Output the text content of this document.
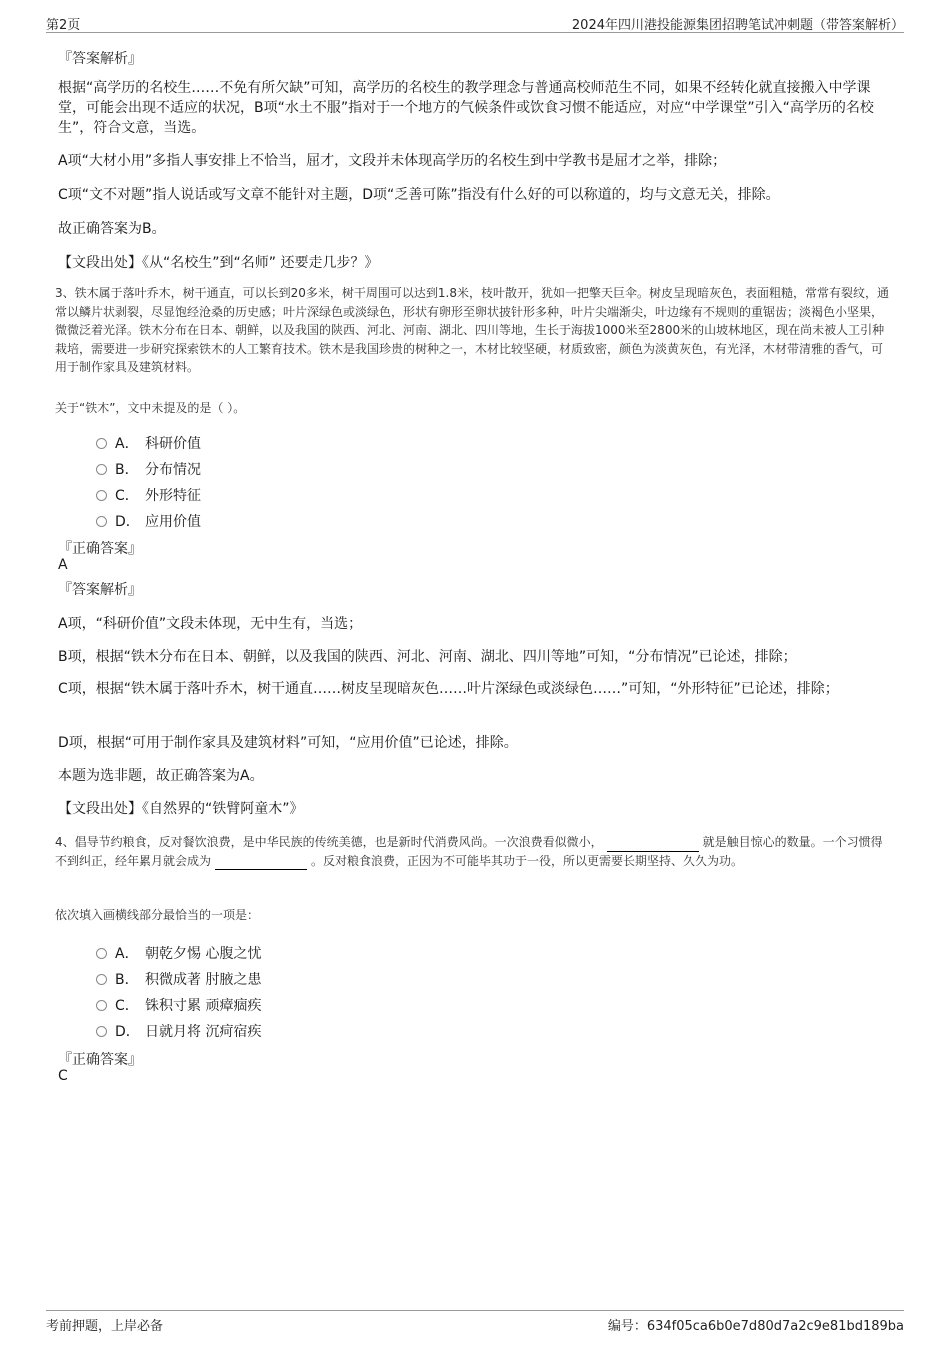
第2页	2024年四川港投能源集团招聘笔试冲刺题（带答案解析）
『答案解析』
根据“高学历的名校生……不免有所欠缺”可知，高学历的名校生的教学理念与普通高校师范生不同，如果不经转化就直接搬入中学课堂，可能会出现不适应的状况，B项“水土不服”指对于一个地方的气候条件或饮食习惯不能适应，对应“中学课堂”引入“高学历的名校生”，符合文意，当选。
A项“大材小用”多指人事安排上不恰当，屈才，文段并未体现高学历的名校生到中学教书是屈才之举，排除；
C项“文不对题”指人说话或写文章不能针对主题，D项“乏善可陈”指没有什么好的可以称道的，均与文意无关，排除。
故正确答案为B。
【文段出处】《从“名校生”到“名师” 还要走几步？》
3、铁木属于落叶乔木，树干通直，可以长到20多米，树干周围可以达到1.8米，枝叶散开，犹如一把擎天巨伞。树皮呈现暗灰色，表面粗糙，常常有裂纹，通常以鳞片状剥裂，尽显饱经沧桑的历史感；叶片深绿色或淡绿色，形状有卵形至卵状披针形多种，叶片尖端渐尖，叶边缘有不规则的重锯齿；淡褐色小坚果，微微泛着光泽。铁木分布在日本、朝鲜，以及我国的陕西、河北、河南、湖北、四川等地，生长于海拔1000米至2800米的山坡林地区，现在尚未被人工引种栽培，需要进一步研究探索铁木的人工繁育技术。铁木是我国珍贵的树种之一，木材比较坚硬，材质致密，颜色为淡黄灰色，有光泽，木材带清雅的香气，可用于制作家具及建筑材料。
关于“铁木”，文中未提及的是（ ）。
A． 科研价值
B． 分布情况
C． 外形特征
D． 应用价值
『正确答案』
A
『答案解析』
A项，“科研价值”文段未体现，无中生有，当选；
B项，根据“铁木分布在日本、朝鲜，以及我国的陕西、河北、河南、湖北、四川等地”可知，“分布情况”已论述，排除；
C项，根据“铁木属于落叶乔木，树干通直……树皮呈现暗灰色……叶片深绿色或淡绿色……”可知，“外形特征”已论述，排除；
D项，根据“可用于制作家具及建筑材料”可知，“应用价值”已论述，排除。
本题为选非题，故正确答案为A。
【文段出处】《自然界的“铁臂阿童木”》
4、倡导节约粮食，反对餐饮浪费，是中华民族的传统美德，也是新时代消费风尚。一次浪费看似微小，	就是触目惊心的数量。一个习惯得不到纠正，经年累月就会成为	。反对粮食浪费，正因为不可能毕其功于一役，所以更需要长期坚持、久久为功。
依次填入画横线部分最恰当的一项是：
A． 朝乾夕惕 心腹之忧
B． 积微成著 肘腋之患
C． 铢积寸累 顽瘴痼疾
D． 日就月将 沉疴宿疾
『正确答案』
C
考前押题，上岸必备	编号：634f05ca6b0e7d80d7a2c9e81bd189ba
